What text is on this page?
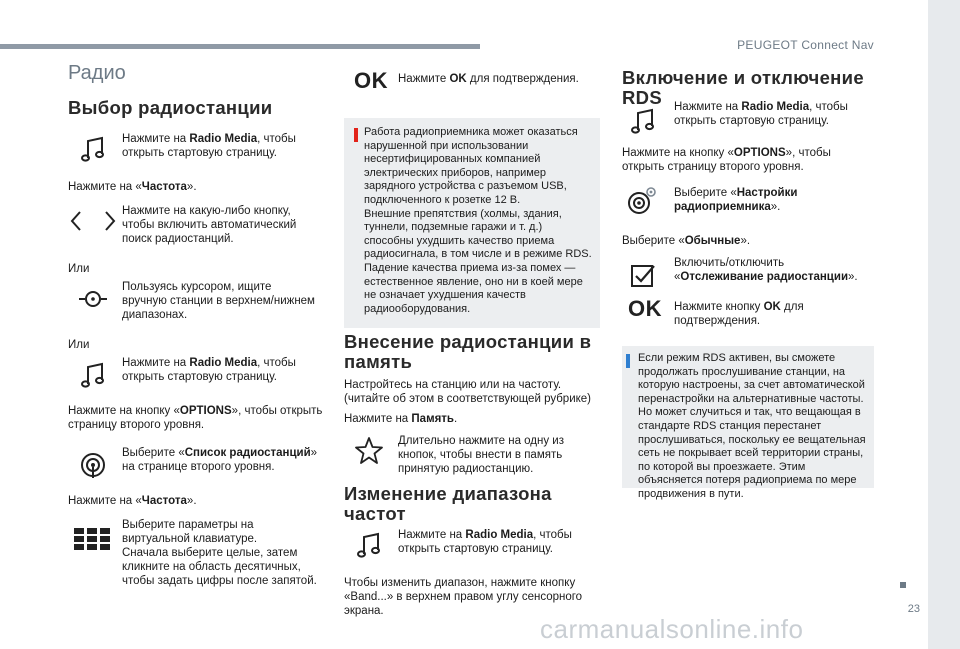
PEUGEOT Connect Nav
23
carmanualsonline.info
Радио
Выбор радиостанции
Нажмите на Radio Media, чтобы открыть стартовую страницу.
Нажмите на «Частота».
Нажмите на какую-либо кнопку, чтобы включить автоматический поиск радиостанций.
Или
Пользуясь курсором, ищите вручную станции в верхнем/нижнем диапазонах.
Или
Нажмите на Radio Media, чтобы открыть стартовую страницу.
Нажмите на кнопку «OPTIONS», чтобы открыть страницу второго уровня.
Выберите «Список радиостанций» на странице второго уровня.
Нажмите на «Частота».
Выберите параметры на виртуальной клавиатуре.
Сначала выберите целые, затем кликните на область десятичных, чтобы задать цифры после запятой.
OK Нажмите OK для подтверждения.
Работа радиоприемника может оказаться нарушенной при использовании несертифицированных компанией электрических приборов, например зарядного устройства с разъемом USB, подключенного к розетке 12 В.
Внешние препятствия (холмы, здания, туннели, подземные гаражи и т. д.) способны ухудшить качество приема радиосигнала, в том числе и в режиме RDS. Падение качества приема из-за помех — естественное явление, оно ни в коей мере не означает ухудшения качеств радиооборудования.
Внесение радиостанции в память
Настройтесь на станцию или на частоту.
(читайте об этом в соответствующей рубрике)
Нажмите на Память.
Длительно нажмите на одну из кнопок, чтобы внести в память принятую радиостанцию.
Изменение диапазона частот
Нажмите на Radio Media, чтобы открыть стартовую страницу.
Чтобы изменить диапазон, нажмите кнопку «Band...» в верхнем правом углу сенсорного экрана.
Включение и отключение RDS	Нажмите на Radio Media, чтобы открыть стартовую страницу.
Нажмите на кнопку «OPTIONS», чтобы открыть страницу второго уровня.
Выберите «Настройки радиоприемника».
Выберите «Обычные».
Включить/отключить «Отслеживание радиостанции».
OK Нажмите кнопку OK для подтверждения.
Если режим RDS активен, вы сможете продолжать прослушивание станции, на которую настроены, за счет автоматической перенастройки на альтернативные частоты. Но может случиться и так, что вещающая в стандарте RDS станция перестанет прослушиваться, поскольку ее вещательная сеть не покрывает всей территории страны, по которой вы проезжаете. Этим объясняется потеря радиоприема по мере продвижения в пути.
